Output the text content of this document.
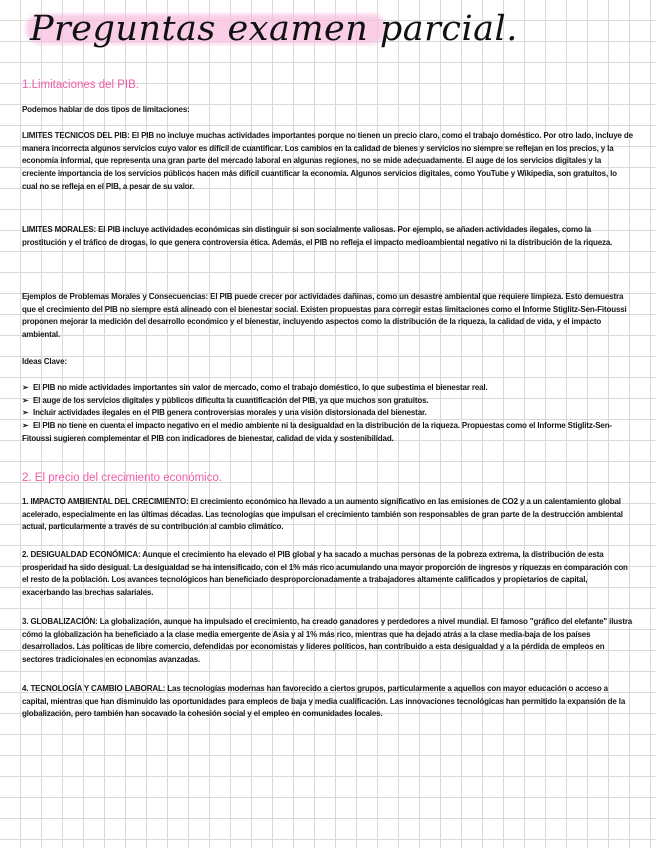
Preguntas examen parcial.
1.Limitaciones del PIB.
Podemos hablar de dos tipos de limitaciones:
LIMITES TECNICOS DEL PIB: El PIB no incluye muchas actividades importantes porque no tienen un precio claro, como el trabajo doméstico. Por otro lado, incluye de manera incorrecta algunos servicios cuyo valor es difícil de cuantificar. Los cambios en la calidad de bienes y servicios no siempre se reflejan en los precios, y la economía informal, que representa una gran parte del mercado laboral en algunas regiones, no se mide adecuadamente. El auge de los servicios digitales y la creciente importancia de los servicios públicos hacen más difícil cuantificar la economía. Algunos servicios digitales, como YouTube y Wikipedia, son gratuitos, lo cual no se refleja en el PIB, a pesar de su valor.
LIMITES MORALES: El PIB incluye actividades económicas sin distinguir si son socialmente valiosas. Por ejemplo, se añaden actividades ilegales, como la prostitución y el tráfico de drogas, lo que genera controversia ética. Además, el PIB no refleja el impacto medioambiental negativo ni la distribución de la riqueza.
Ejemplos de Problemas Morales y Consecuencias: El PIB puede crecer por actividades dañinas, como un desastre ambiental que requiere limpieza. Esto demuestra que el crecimiento del PIB no siempre está alineado con el bienestar social. Existen propuestas para corregir estas limitaciones como el Informe Stiglitz-Sen-Fitoussi proponen mejorar la medición del desarrollo económico y el bienestar, incluyendo aspectos como la distribución de la riqueza, la calidad de vida, y el impacto ambiental.
Ideas Clave:
➢ El PIB no mide actividades importantes sin valor de mercado, como el trabajo doméstico, lo que subestima el bienestar real.
➢ El auge de los servicios digitales y públicos dificulta la cuantificación del PIB, ya que muchos son gratuitos.
➢ Incluir actividades ilegales en el PIB genera controversias morales y una visión distorsionada del bienestar.
➢ El PIB no tiene en cuenta el impacto negativo en el medio ambiente ni la desigualdad en la distribución de la riqueza. Propuestas como el Informe Stiglitz-Sen-Fitoussi sugieren complementar el PIB con indicadores de bienestar, calidad de vida y sostenibilidad.
2. El precio del crecimiento económico.
1. IMPACTO AMBIENTAL DEL CRECIMIENTO: El crecimiento económico ha llevado a un aumento significativo en las emisiones de CO2 y a un calentamiento global acelerado, especialmente en las últimas décadas. Las tecnologías que impulsan el crecimiento también son responsables de gran parte de la destrucción ambiental actual, particularmente a través de su contribución al cambio climático.
2. DESIGUALDAD ECONÓMICA: Aunque el crecimiento ha elevado el PIB global y ha sacado a muchas personas de la pobreza extrema, la distribución de esta prosperidad ha sido desigual. La desigualdad se ha intensificado, con el 1% más rico acumulando una mayor proporción de ingresos y riquezas en comparación con el resto de la población. Los avances tecnológicos han beneficiado desproporcionadamente a trabajadores altamente calificados y propietarios de capital, exacerbando las brechas salariales.
3. GLOBALIZACIÓN: La globalización, aunque ha impulsado el crecimiento, ha creado ganadores y perdedores a nivel mundial. El famoso "gráfico del elefante" ilustra cómo la globalización ha beneficiado a la clase media emergente de Asia y al 1% más rico, mientras que ha dejado atrás a la clase media-baja de los países desarrollados. Las políticas de libre comercio, defendidas por economistas y líderes políticos, han contribuido a esta desigualdad y a la pérdida de empleos en sectores tradicionales en economías avanzadas.
4. TECNOLOGÍA Y CAMBIO LABORAL: Las tecnologías modernas han favorecido a ciertos grupos, particularmente a aquellos con mayor educación o acceso a capital, mientras que han disminuido las oportunidades para empleos de baja y media cualificación. Las innovaciones tecnológicas han permitido la expansión de la globalización, pero también han socavado la cohesión social y el empleo en comunidades locales.
